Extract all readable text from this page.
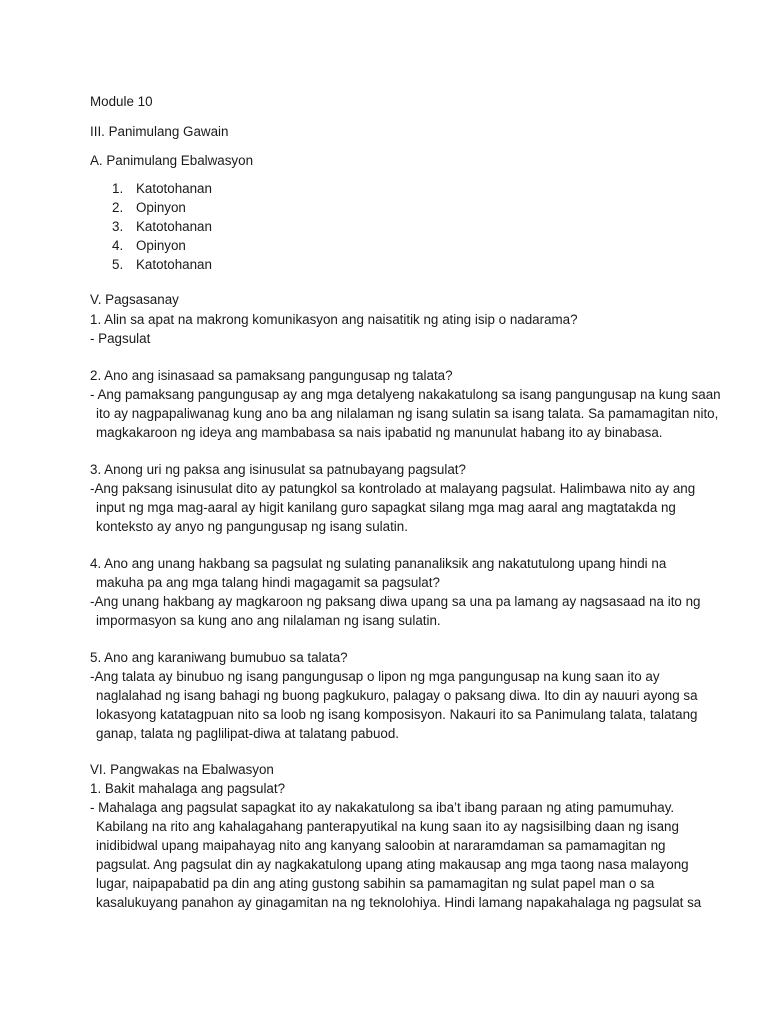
Module 10
III. Panimulang Gawain
A. Panimulang Ebalwasyon
1. Katotohanan
2. Opinyon
3. Katotohanan
4. Opinyon
5. Katotohanan
V. Pagsasanay
1. Alin sa apat na makrong komunikasyon ang naisatitik ng ating isip o nadarama?
- Pagsulat
2. Ano ang isinasaad sa pamaksang pangungusap ng talata?
- Ang pamaksang pangungusap ay ang mga detalyeng nakakatulong sa isang pangungusap na kung saan
ito ay nagpapaliwanag kung ano ba ang nilalaman ng isang sulatin sa isang talata. Sa pamamagitan nito,
magkakaroon ng ideya ang mambabasa sa nais ipabatid ng manunulat habang ito ay binabasa.
3. Anong uri ng paksa ang isinusulat sa patnubayang pagsulat?
-Ang paksang isinusulat dito ay patungkol sa kontrolado at malayang pagsulat. Halimbawa nito ay ang
input ng mga mag-aaral ay higit kanilang guro sapagkat silang mga mag aaral ang magtatakda ng
konteksto ay anyo ng pangungusap ng isang sulatin.
4. Ano ang unang hakbang sa pagsulat ng sulating pananaliksik ang nakatutulong upang hindi na
makuha pa ang mga talang hindi magagamit sa pagsulat?
-Ang unang hakbang ay magkaroon ng paksang diwa upang sa una pa lamang ay nagsasaad na ito ng
impormasyon sa kung ano ang nilalaman ng isang sulatin.
5. Ano ang karaniwang bumubuo sa talata?
-Ang talata ay binubuo ng isang pangungusap o lipon ng mga pangungusap na kung saan ito ay
naglalahad ng isang bahagi ng buong pagkukuro, palagay o paksang diwa. Ito din ay nauuri ayong sa
lokasyong katatagpuan nito sa loob ng isang komposisyon. Nakauri ito sa Panimulang talata, talatang
ganap, talata ng paglilipat-diwa at talatang pabuod.
VI. Pangwakas na Ebalwasyon
1. Bakit mahalaga ang pagsulat?
- Mahalaga ang pagsulat sapagkat ito ay nakakatulong sa iba’t ibang paraan ng ating pamumuhay.
Kabilang na rito ang kahalagahang panterapyutikal na kung saan ito ay nagsisilbing daan ng isang
inidibidwal upang maipahayag nito ang kanyang saloobin at nararamdaman sa pamamagitan ng
pagsulat. Ang pagsulat din ay nagkakatulong upang ating makausap ang mga taong nasa malayong
lugar, naipapabatid pa din ang ating gustong sabihin sa pamamagitan ng sulat papel man o sa
kasalukuyang panahon ay ginagamitan na ng teknolohiya. Hindi lamang napakahalaga ng pagsulat sa
